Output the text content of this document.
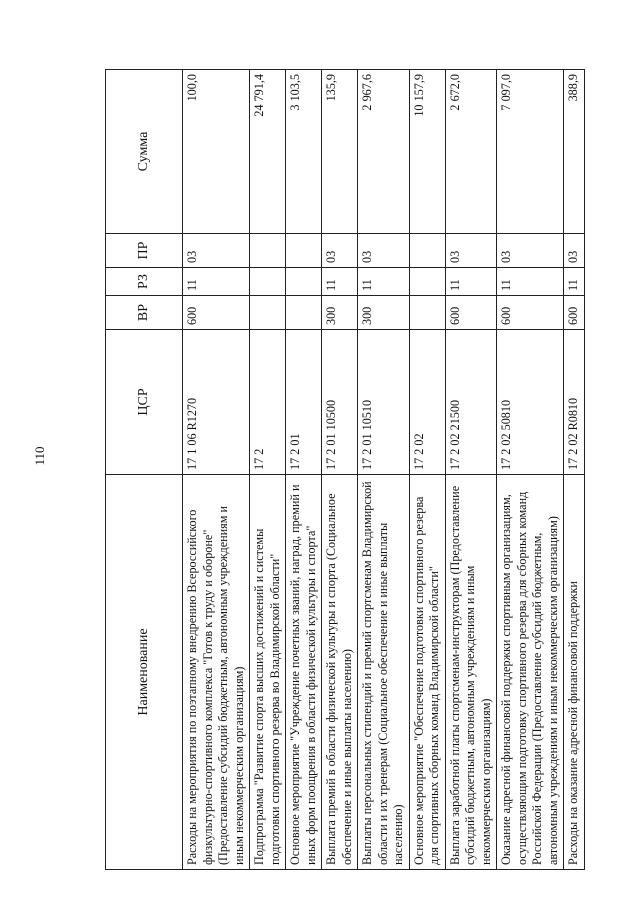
110
Наименование	ЦСР	ВР	РЗ	ПР	Сумма
Расходы на мероприятия по поэтапному внедрению Всероссийского физкультурно-спортивного комплекса "Готов к труду и обороне" (Предоставление субсидий бюджетным, автономным учреждениям и иным некоммерческим организациям)	17 1 06 R1270	600	11	03	100,0
Подпрограмма "Развитие спорта высших достижений и системы подготовки спортивного резерва во Владимирской области"	17 2				24 791,4
Основное мероприятие "Учреждение почетных званий, наград, премий и иных форм поощрения в области физической культуры и спорта"	17 2 01				3 103,5
Выплата премий в области физической культуры и спорта (Социальное обеспечение и иные выплаты населению)	17 2 01 10500	300	11	03	135,9
Выплаты персональных стипендий и премий спортсменам Владимирской области и их тренерам (Социальное обеспечение и иные выплаты населению)	17 2 01 10510	300	11	03	2 967,6
Основное мероприятие "Обеспечение подготовки спортивного резерва для спортивных сборных команд Владимирской области"	17 2 02				10 157,9
Выплата заработной платы спортсменам-инструкторам (Предоставление субсидий бюджетным, автономным учреждениям и иным некоммерческим организациям)	17 2 02 21500	600	11	03	2 672,0
Оказание адресной финансовой поддержки спортивным организациям, осуществляющим подготовку спортивного резерва для сборных команд Российской Федерации (Предоставление субсидий бюджетным, автономным учреждениям и иным некоммерческим организациям)	17 2 02 50810	600	11	03	7 097,0
Расходы на оказание адресной финансовой поддержки	17 2 02 R0810	600	11	03	388,9
